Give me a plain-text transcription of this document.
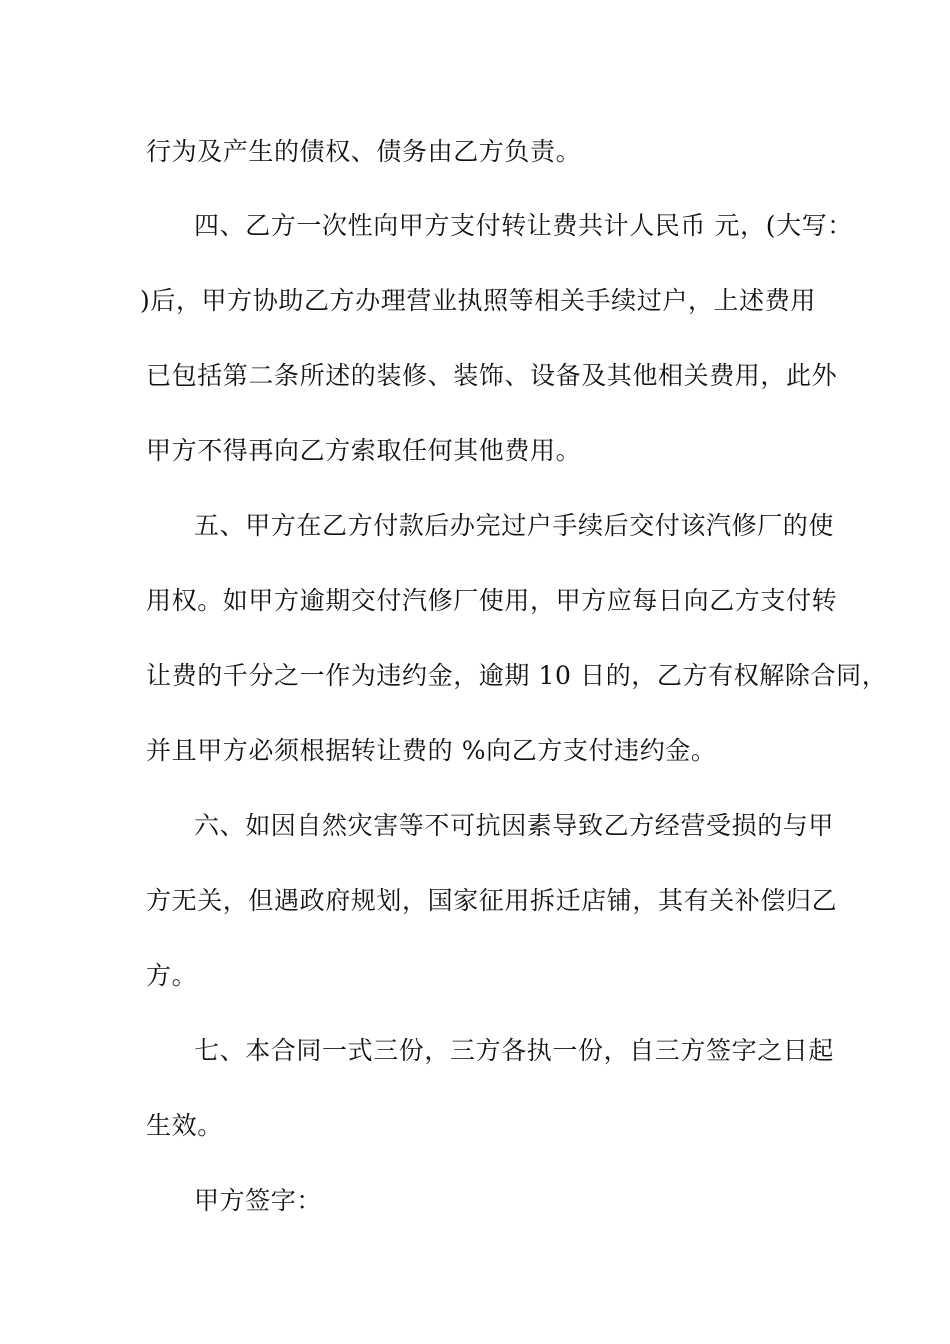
行为及产生的债权、债务由乙方负责。
四、乙方一次性向甲方支付转让费共计人民币 元，(大写：
)后，甲方协助乙方办理营业执照等相关手续过户，上述费用
已包括第二条所述的装修、装饰、设备及其他相关费用，此外
甲方不得再向乙方索取任何其他费用。
五、甲方在乙方付款后办完过户手续后交付该汽修厂的使
用权。如甲方逾期交付汽修厂使用，甲方应每日向乙方支付转
让费的千分之一作为违约金，逾期 10 日的，乙方有权解除合同，
并且甲方必须根据转让费的 %向乙方支付违约金。
六、如因自然灾害等不可抗因素导致乙方经营受损的与甲
方无关，但遇政府规划，国家征用拆迁店铺，其有关补偿归乙
方。
七、本合同一式三份，三方各执一份，自三方签字之日起
生效。
甲方签字：
